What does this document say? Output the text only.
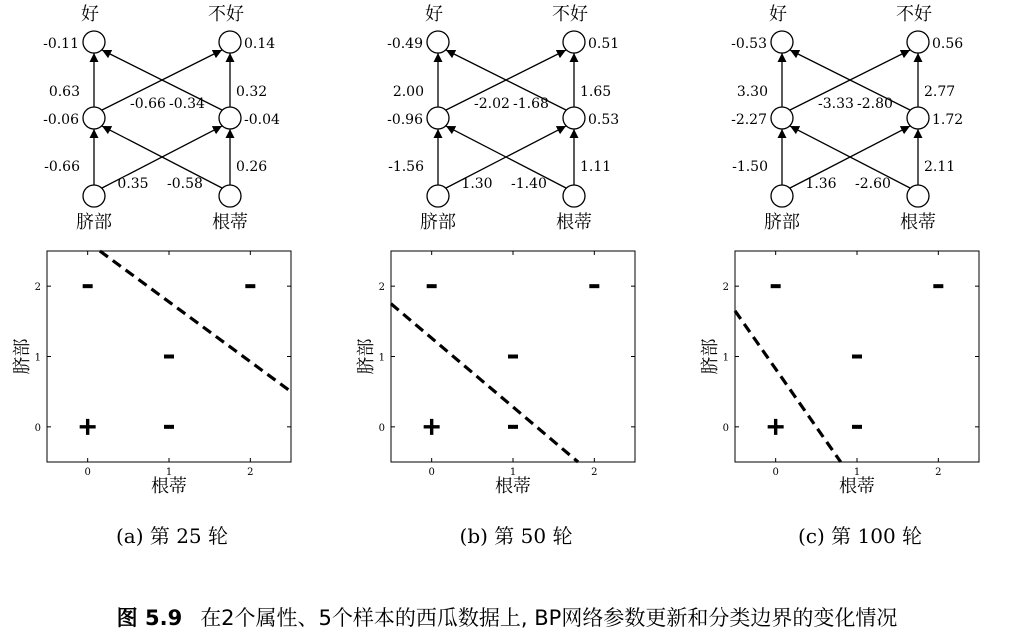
好	不好
-0.11	0.14
-0.06	-0.04
0.63
-0.66 -0.34
0.32
-0.66
0.35 -0.58
0.26
脐部	根蒂
0	1	2
0
1
2
根蒂
脐部
(a) 第 25 轮
好	不好
-0.49	0.51
-0.96	0.53
2.00
-2.02 -1.68
1.65
-1.56
1.30 -1.40
1.11
脐部	根蒂
0	1	2
0
1
2
根蒂
脐部
(b) 第 50 轮
好	不好
-0.53	0.56
-2.27	1.72
3.30
-3.33 -2.80
2.77
-1.50
1.36 -2.60
2.11
脐部	根蒂
0	1	2
0
1
2
根蒂
脐部
(c) 第 100 轮
图 5.9 在2个属性、5个样本的西瓜数据上, BP网络参数更新和分类边界的变化情况
